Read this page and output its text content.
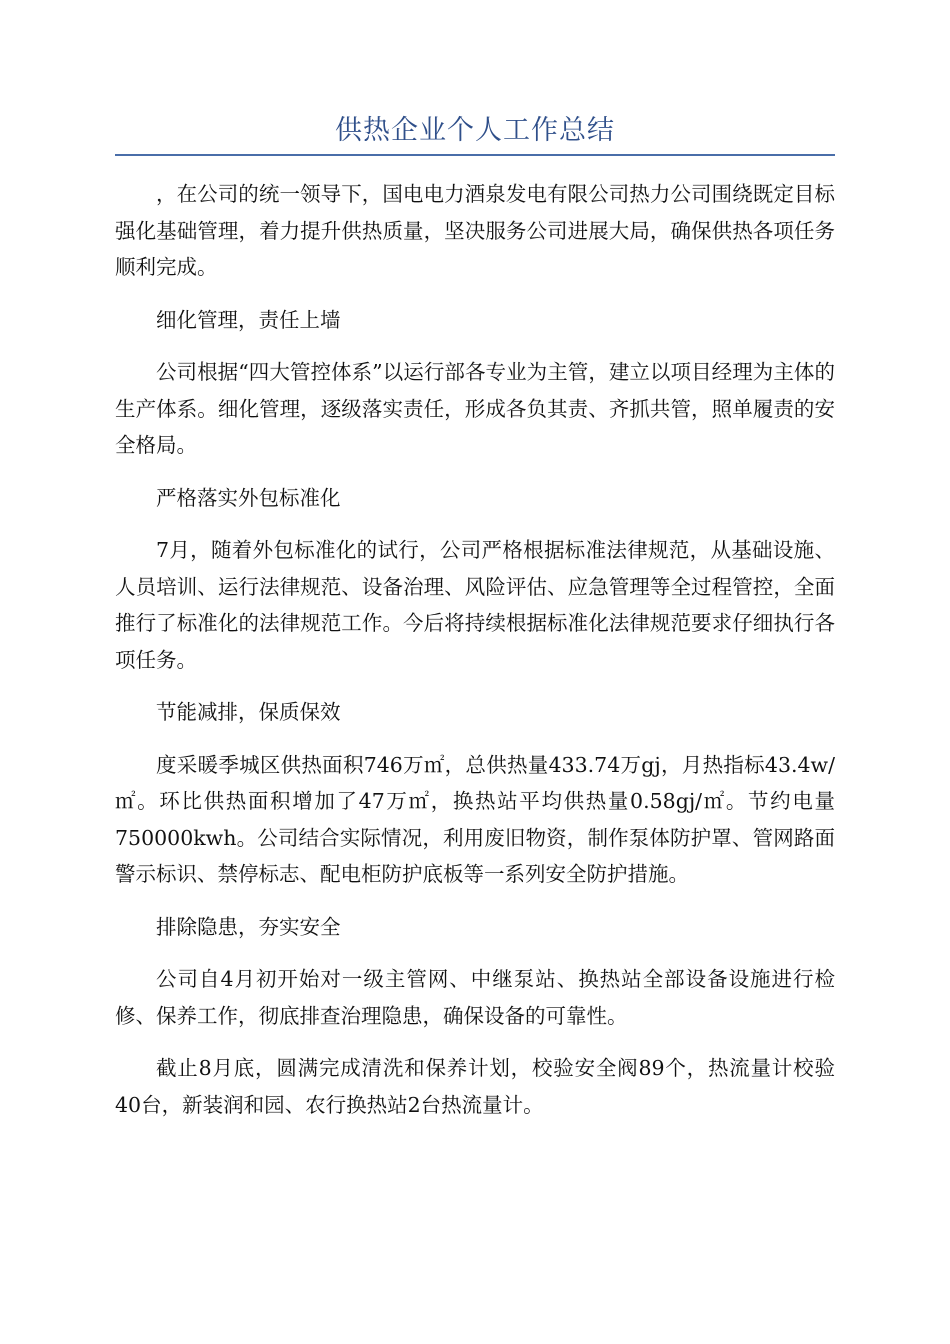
供热企业个人工作总结

，在公司的统一领导下，国电电力酒泉发电有限公司热力公司围绕既定目标强化基础管理，着力提升供热质量，坚决服务公司进展大局，确保供热各项任务顺利完成。

细化管理，责任上墙

公司根据“四大管控体系”以运行部各专业为主管，建立以项目经理为主体的生产体系。细化管理，逐级落实责任，形成各负其责、齐抓共管，照单履责的安全格局。

严格落实外包标准化

7月，随着外包标准化的试行，公司严格根据标准法律规范，从基础设施、人员培训、运行法律规范、设备治理、风险评估、应急管理等全过程管控，全面推行了标准化的法律规范工作。今后将持续根据标准化法律规范要求仔细执行各项任务。

节能减排，保质保效

度采暖季城区供热面积746万㎡，总供热量433.74万gj，月热指标43.4w/㎡。环比供热面积增加了47万㎡，换热站平均供热量0.58gj/㎡。节约电量750000kwh。公司结合实际情况，利用废旧物资，制作泵体防护罩、管网路面警示标识、禁停标志、配电柜防护底板等一系列安全防护措施。

排除隐患，夯实安全

公司自4月初开始对一级主管网、中继泵站、换热站全部设备设施进行检修、保养工作，彻底排查治理隐患，确保设备的可靠性。

截止8月底，圆满完成清洗和保养计划，校验安全阀89个，热流量计校验40台，新装润和园、农行换热站2台热流量计。
